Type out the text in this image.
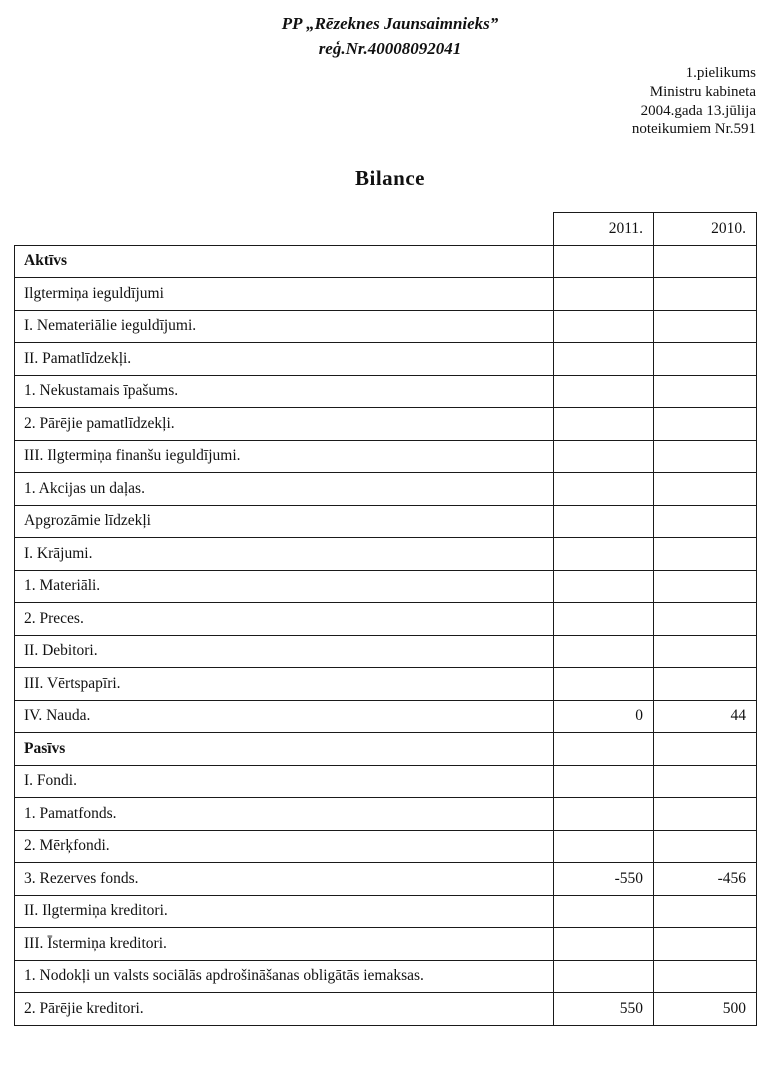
PP „Rēzeknes Jaunsaimnieks”
reģ.Nr.40008092041
1.pielikums
Ministru kabineta
2004.gada 13.jūlija
noteikumiem Nr.591
Bilance
	2011.	2010.
Aktīvs		
Ilgtermiņa ieguldījumi		
I. Nemateriālie ieguldījumi.		
II. Pamatlīdzekļi.		
1. Nekustamais īpašums.		
2. Pārējie pamatlīdzekļi.		
III. Ilgtermiņa finanšu ieguldījumi.		
1. Akcijas un daļas.		
Apgrozāmie līdzekļi		
I. Krājumi.		
1. Materiāli.		
2. Preces.		
II. Debitori.		
III. Vērtspapīri.		
IV. Nauda.	0	44
Pasīvs		
I. Fondi.		
1. Pamatfonds.		
2. Mērķfondi.		
3. Rezerves fonds.	-550	-456
II. Ilgtermiņa kreditori.		
III. Īstermiņa kreditori.		
1. Nodokļi un valsts sociālās apdrošināšanas obligātās iemaksas.		
2. Pārējie kreditori.	550	500
